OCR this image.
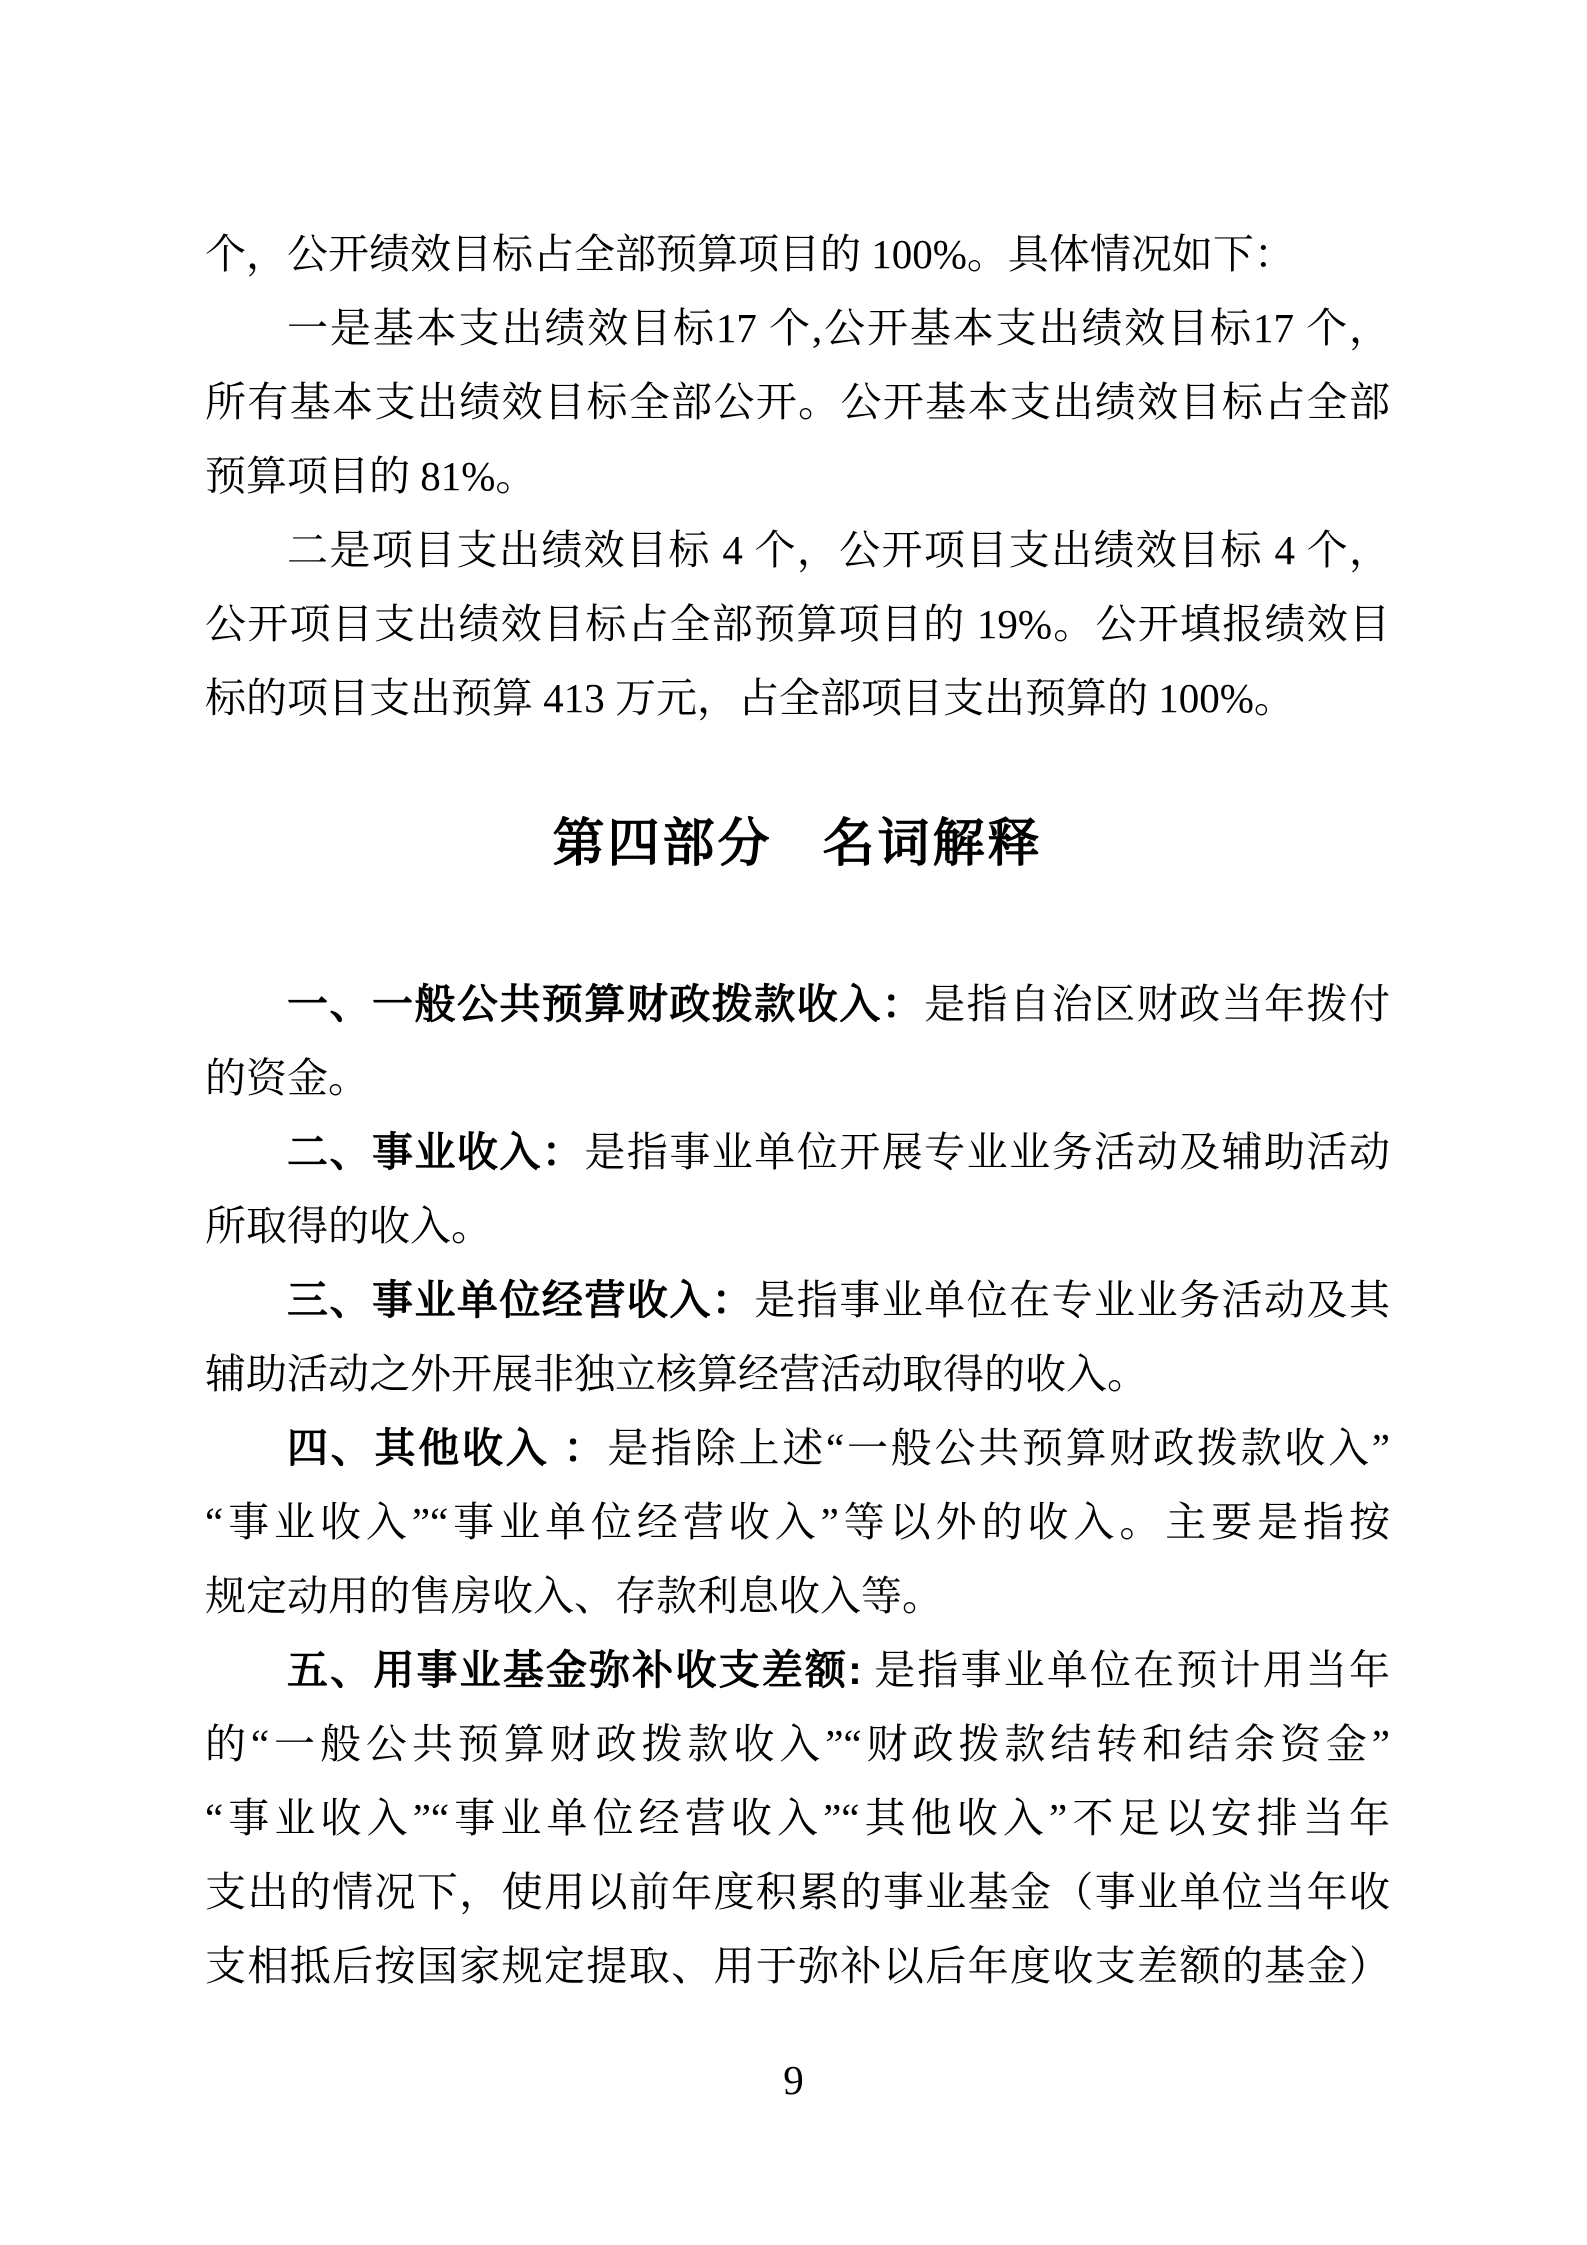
个，公开绩效目标占全部预算项目的 100%。具体情况如下：

一是基本支出绩效目标17 个,公开基本支出绩效目标17 个，

所有基本支出绩效目标全部公开。公开基本支出绩效目标占全部

预算项目的 81%。

二是项目支出绩效目标 4 个，公开项目支出绩效目标 4 个，

公开项目支出绩效目标占全部预算项目的 19%。公开填报绩效目

标的项目支出预算 413 万元，占全部项目支出预算的 100%。

第四部分 名词解释

一、一般公共预算财政拨款收入：是指自治区财政当年拨付

的资金。

二、事业收入：是指事业单位开展专业业务活动及辅助活动

所取得的收入。

三、事业单位经营收入：是指事业单位在专业业务活动及其

辅助活动之外开展非独立核算经营活动取得的收入。

四、其他收入 ：是指除上述“一般公共预算财政拨款收入”

“事业收入”“事业单位经营收入”等以外的收入。主要是指按

规定动用的售房收入、存款利息收入等。

五、用事业基金弥补收支差额: 是指事业单位在预计用当年

的“一般公共预算财政拨款收入”“财政拨款结转和结余资金”

“事业收入”“事业单位经营收入”“其他收入”不足以安排当年

支出的情况下，使用以前年度积累的事业基金（事业单位当年收

支相抵后按国家规定提取、用于弥补以后年度收支差额的基金）

9
